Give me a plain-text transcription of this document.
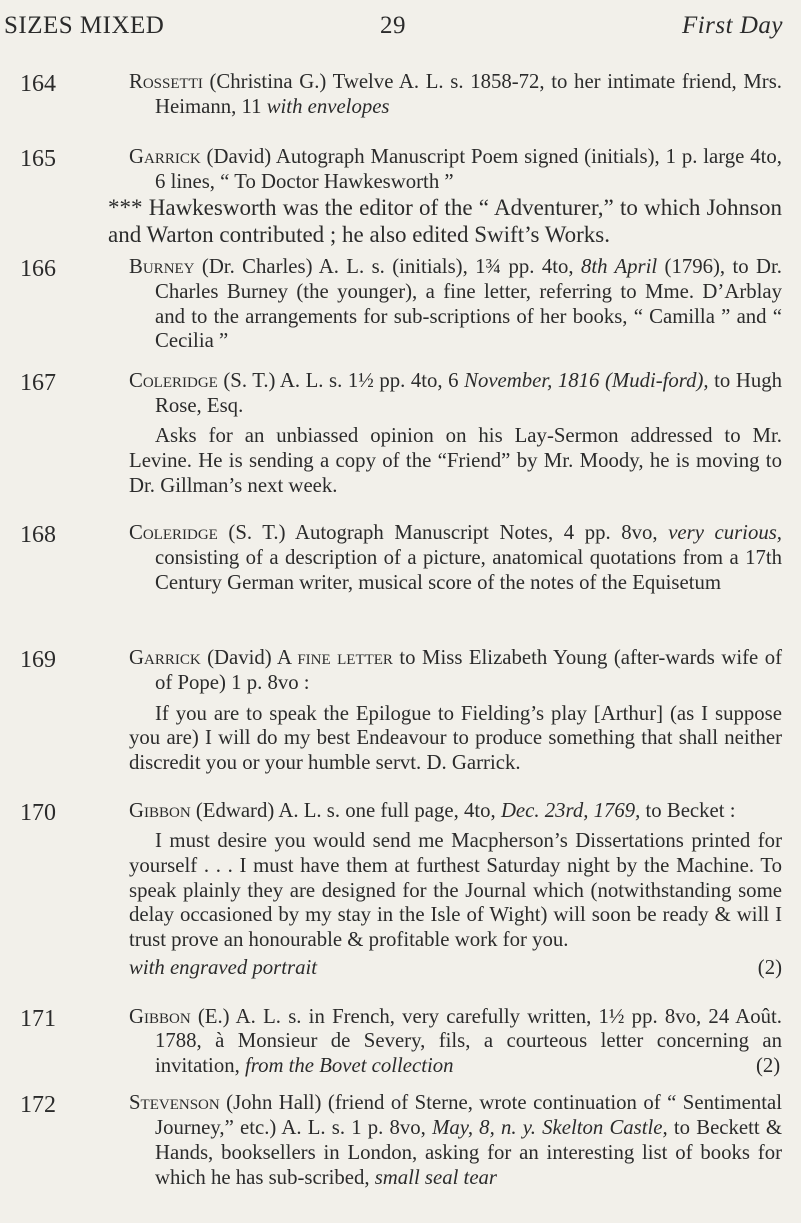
SIZES MIXED	29	First Day
164	Rossetti (Christina G.) Twelve A. L. s. 1858-72, to her intimate friend, Mrs. Heimann, 11 with envelopes

165	Garrick (David) Autograph Manuscript Poem signed (initials), 1 p. large 4to, 6 lines, “ To Doctor Hawkesworth ”

*** Hawkesworth was the editor of the “ Adventurer,” to which Johnson and Warton contributed ; he also edited Swift’s Works.

166	Burney (Dr. Charles) A. L. s. (initials), 1¾ pp. 4to, 8th April (1796), to Dr. Charles Burney (the younger), a fine letter, referring to Mme. D’Arblay and to the arrangements for sub-scriptions of her books, “ Camilla ” and “ Cecilia ”

167	Coleridge (S. T.) A. L. s. 1½ pp. 4to, 6 November, 1816 (Mudi-ford), to Hugh Rose, Esq.

Asks for an unbiassed opinion on his Lay-Sermon addressed to Mr. Levine. He is sending a copy of the “Friend” by Mr. Moody, he is moving to Dr. Gillman’s next week.

168	Coleridge (S. T.) Autograph Manuscript Notes, 4 pp. 8vo, very curious, consisting of a description of a picture, anatomical quotations from a 17th Century German writer, musical score of the notes of the Equisetum

169	Garrick (David) A fine letter to Miss Elizabeth Young (after-wards wife of of Pope) 1 p. 8vo :

If you are to speak the Epilogue to Fielding’s play [Arthur] (as I suppose you are) I will do my best Endeavour to produce something that shall neither discredit you or your humble servt. D. Garrick.

170	Gibbon (Edward) A. L. s. one full page, 4to, Dec. 23rd, 1769, to Becket :

I must desire you would send me Macpherson’s Dissertations printed for yourself . . . I must have them at furthest Saturday night by the Machine. To speak plainly they are designed for the Journal which (notwithstanding some delay occasioned by my stay in the Isle of Wight) will soon be ready & will I trust prove an honourable & profitable work for you.

with engraved portrait	(2)

171	Gibbon (E.) A. L. s. in French, very carefully written, 1½ pp. 8vo, 24 Août. 1788, à Monsieur de Severy, fils, a courteous letter concerning an invitation, from the Bovet collection	(2)

172	Stevenson (John Hall) (friend of Sterne, wrote continuation of “ Sentimental Journey,” etc.) A. L. s. 1 p. 8vo, May, 8, n. y. Skelton Castle, to Beckett & Hands, booksellers in London, asking for an interesting list of books for which he has sub-scribed, small seal tear
